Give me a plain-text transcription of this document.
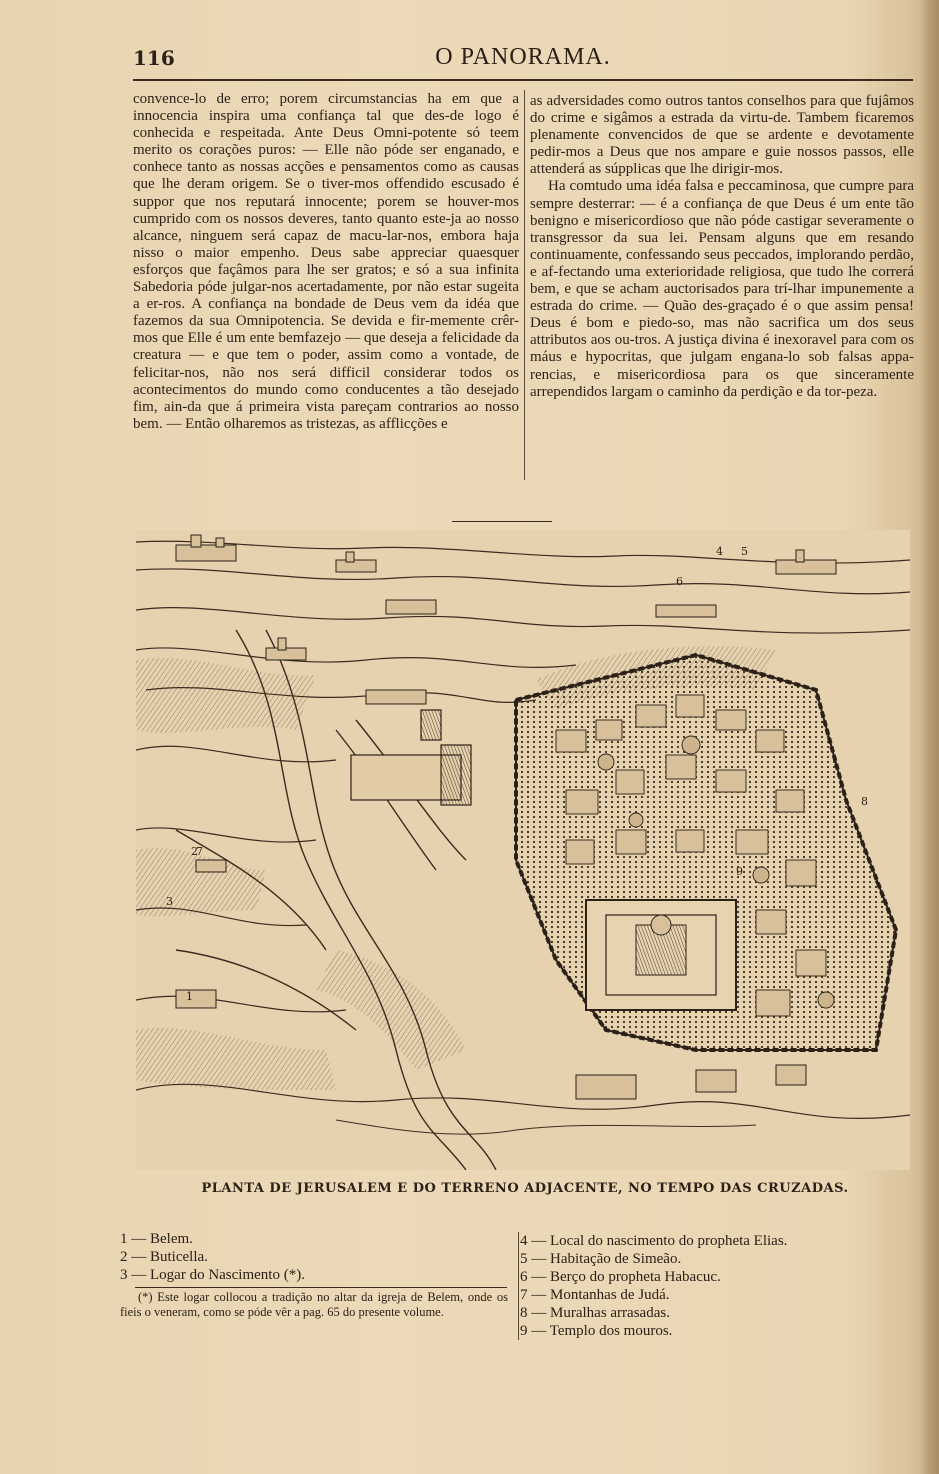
O PANORAMA.
116

convence-lo de erro; porem circumstancias ha em que a innocencia inspira uma confiança tal que des-de logo é conhecida e respeitada. Ante Deus Omni-potente só teem merito os corações puros: — Elle não póde ser enganado, e conhece tanto as nossas acções e pensamentos como as causas que lhe deram origem. Se o tiver-mos offendido escusado é suppor que nos reputará innocente; porem se houver-mos cumprido com os nossos deveres, tanto quanto este-ja ao nosso alcance, ninguem será capaz de macu-lar-nos, embora haja nisso o maior empenho. Deus sabe appreciar quaesquer esforços que façâmos para lhe ser gratos; e só a sua infinita Sabedoria póde julgar-nos acertadamente, por não estar sugeita a er-ros. A confiança na bondade de Deus vem da idéa que fazemos da sua Omnipotencia. Se devida e fir-memente crêr-mos que Elle é um ente bemfazejo — que deseja a felicidade da creatura — e que tem o poder, assim como a vontade, de felicitar-nos, não nos será difficil considerar todos os acontecimentos do mundo como conducentes a tão desejado fim, ain-da que á primeira vista pareçam contrarios ao nosso bem. — Então olharemos as tristezas, as afflicções e

as adversidades como outros tantos conselhos para que fujâmos do crime e sigâmos a estrada da virtu-de. Tambem ficaremos plenamente convencidos de que se ardente e devotamente pedir-mos a Deus que nos ampare e guie nossos passos, elle attenderá as súpplicas que lhe dirigir-mos.

Ha comtudo uma idéa falsa e peccaminosa, que cumpre para sempre desterrar: — é a confiança de que Deus é um ente tão benigno e misericordioso que não póde castigar severamente o transgressor da sua lei. Pensam alguns que em resando continuamente, confessando seus peccados, implorando perdão, e af-fectando uma exterioridade religiosa, que tudo lhe correrá bem, e que se acham auctorisados para trí-lhar impunemente a estrada do crime. — Quão des-graçado é o que assim pensa! Deus é bom e piedo-so, mas não sacrifica um dos seus attributos aos ou-tros. A justiça divina é inexoravel para com os máus e hypocritas, que julgam engana-lo sob falsas appa-rencias, e misericordiosa para os que sinceramente arrependidos largam o caminho da perdição e da tor-peza.

1
2
3
4 5
6
7
8
9
PLANTA DE JERUSALEM E DO TERRENO ADJACENTE, NO TEMPO DAS CRUZADAS.
1 — Belem.
2 — Buticella.
3 — Logar do Nascimento (*).
(*) Este logar collocou a tradição no altar da igreja de Belem, onde os fieis o veneram, como se póde vêr a pag. 65 do presente volume.
4 — Local do nascimento do propheta Elias.
5 — Habitação de Simeão.
6 — Berço do propheta Habacuc.
7 — Montanhas de Judá.
8 — Muralhas arrasadas.
9 — Templo dos mouros.
